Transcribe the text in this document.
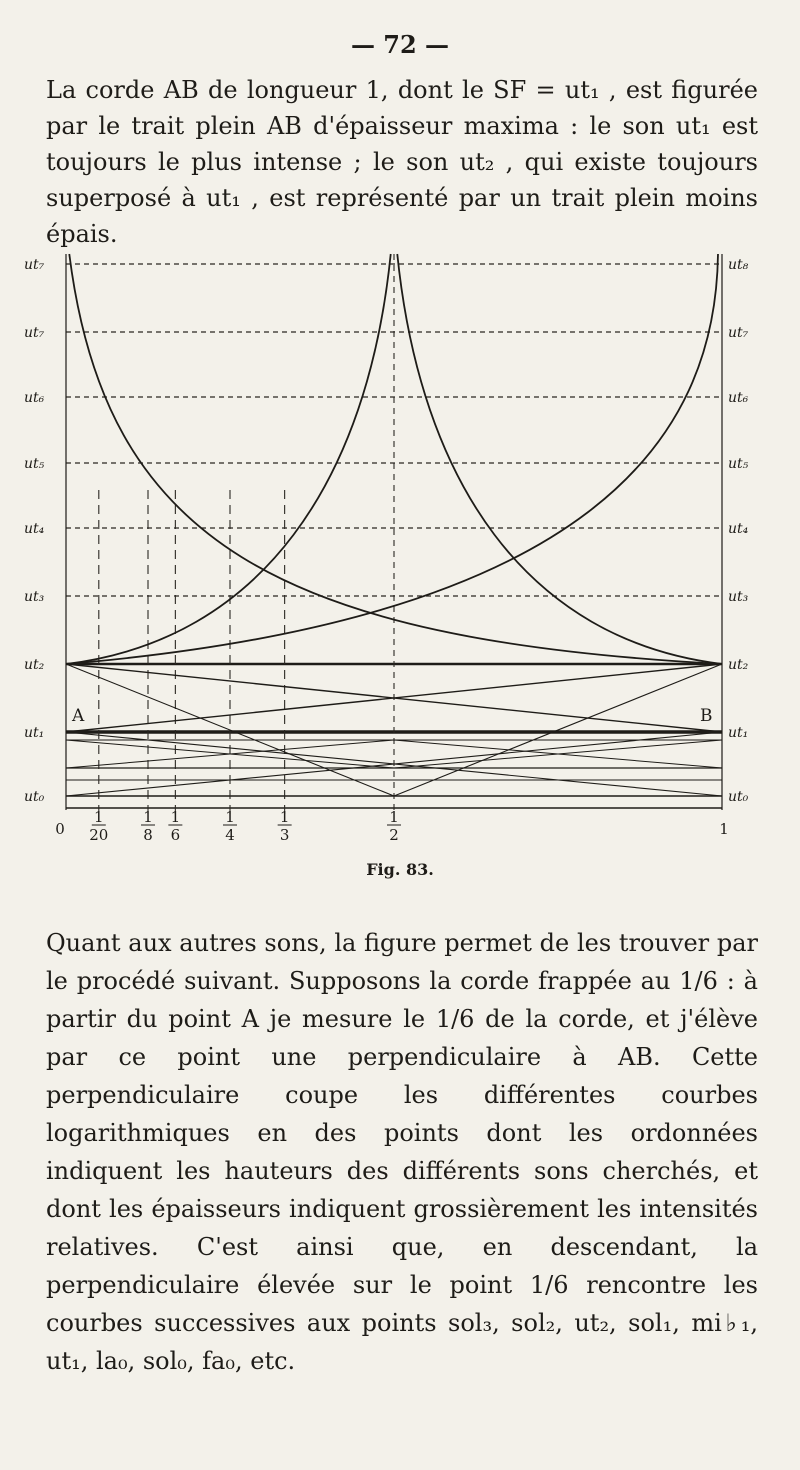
— 72 —

La corde AB de longueur 1, dont le SF = ut₁ , est figurée par le trait plein AB d'épaisseur maxima : le son ut₁ est toujours le plus intense ; le son ut₂ , qui existe toujours superposé à ut₁ , est représenté par un trait plein moins épais.

ut₇
ut₇
ut₆
ut₅
ut₄
ut₃
ut₂
ut₁
ut₀
ut₈
ut₇
ut₆
ut₅
ut₄
ut₃
ut₂
ut₁
ut₀
A	B
0
1
20
1
8
1
6
1
4
1
3
1
2	1
Fig. 83.

Quant aux autres sons, la figure permet de les trouver par le procédé suivant. Supposons la corde frappée au 1/6 : à partir du point A je mesure le 1/6 de la corde, et j'élève par ce point une perpendiculaire à AB. Cette perpendiculaire coupe les différentes courbes logarithmiques en des points dont les ordonnées indiquent les hauteurs des différents sons cherchés, et dont les épaisseurs indiquent grossièrement les intensités relatives. C'est ainsi que, en descendant, la perpendiculaire élevée sur le point 1/6 rencontre les courbes successives aux points sol₃, sol₂, ut₂, sol₁, mi♭₁, ut₁, la₀, sol₀, fa₀, etc.
